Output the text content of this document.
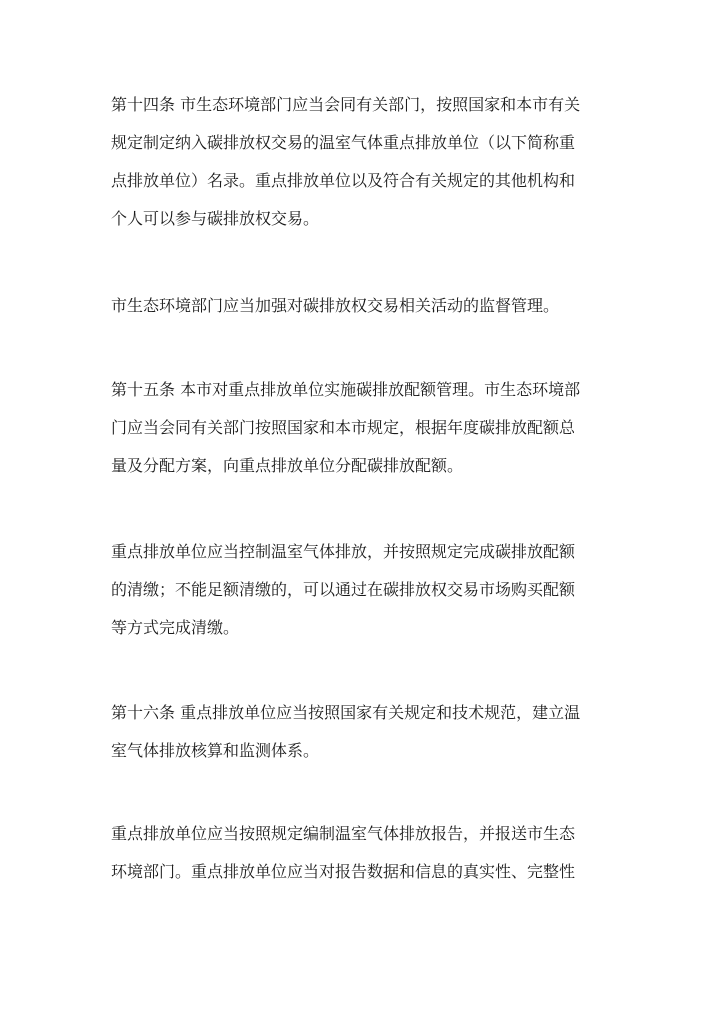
第十四条 市生态环境部门应当会同有关部门，按照国家和本市有关
规定制定纳入碳排放权交易的温室气体重点排放单位（以下简称重
点排放单位）名录。重点排放单位以及符合有关规定的其他机构和
个人可以参与碳排放权交易。

市生态环境部门应当加强对碳排放权交易相关活动的监督管理。

第十五条 本市对重点排放单位实施碳排放配额管理。市生态环境部
门应当会同有关部门按照国家和本市规定，根据年度碳排放配额总
量及分配方案，向重点排放单位分配碳排放配额。

重点排放单位应当控制温室气体排放，并按照规定完成碳排放配额
的清缴；不能足额清缴的，可以通过在碳排放权交易市场购买配额
等方式完成清缴。

第十六条 重点排放单位应当按照国家有关规定和技术规范，建立温
室气体排放核算和监测体系。

重点排放单位应当按照规定编制温室气体排放报告，并报送市生态
环境部门。重点排放单位应当对报告数据和信息的真实性、完整性
